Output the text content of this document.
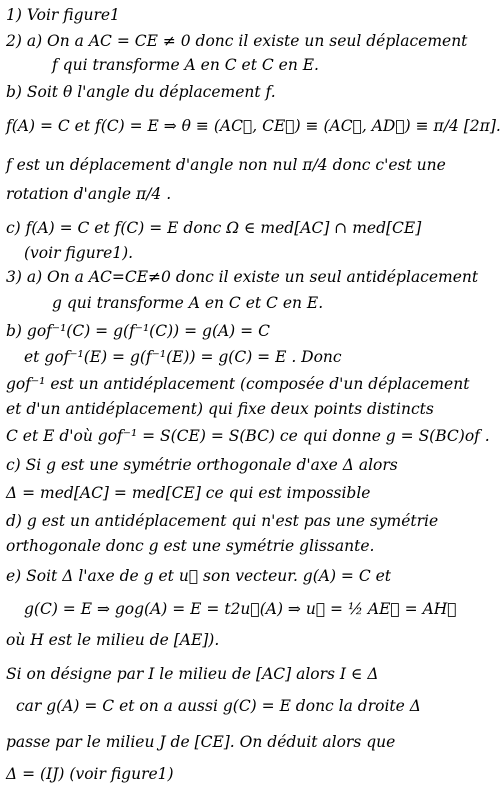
1) Voir figure1
2) a) On a AC = CE ≠ 0 donc il existe un seul déplacement
f qui transforme A en C et C en E.
b) Soit θ l'angle du déplacement f.
f(A) = C et f(C) = E ⇒ θ ≡ (AC⃗, CE⃗) ≡ (AC⃗, AD⃗) ≡ π/4 [2π].
f est un déplacement d'angle non nul π/4 donc c'est une
rotation d'angle π/4 .
c) f(A) = C et f(C) = E donc Ω ∈ med[AC] ∩ med[CE]
(voir figure1).
3) a) On a AC=CE≠0 donc il existe un seul antidéplacement
g qui transforme A en C et C en E.
b) gof⁻¹(C) = g(f⁻¹(C)) = g(A) = C
et gof⁻¹(E) = g(f⁻¹(E)) = g(C) = E . Donc
gof⁻¹ est un antidéplacement (composée d'un déplacement
et d'un antidéplacement) qui fixe deux points distincts
C et E d'où gof⁻¹ = S(CE) = S(BC) ce qui donne g = S(BC)of .
c) Si g est une symétrie orthogonale d'axe Δ alors
Δ = med[AC] = med[CE] ce qui est impossible
d) g est un antidéplacement qui n'est pas une symétrie
orthogonale donc g est une symétrie glissante.
e) Soit Δ l'axe de g et u⃗ son vecteur. g(A) = C et
g(C) = E ⇒ gog(A) = E = t2u⃗(A) ⇒ u⃗ = ½ AE⃗ = AH⃗
où H est le milieu de [AE]).
Si on désigne par I le milieu de [AC] alors I ∈ Δ
car g(A) = C et on a aussi g(C) = E donc la droite Δ
passe par le milieu J de [CE]. On déduit alors que
Δ = (IJ) (voir figure1)
